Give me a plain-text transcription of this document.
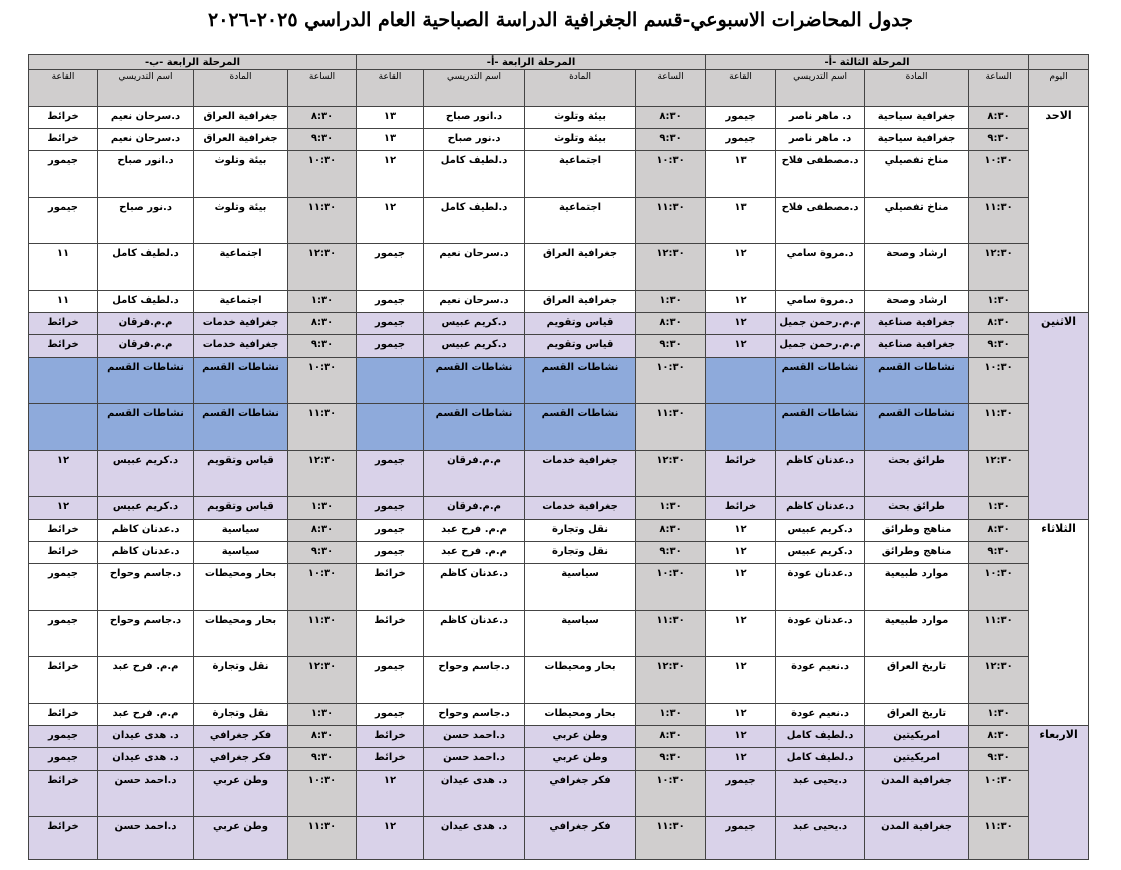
جدول المحاضرات الاسبوعي-قسم الجغرافية الدراسة الصباحية العام الدراسي ٢٠٢٥-٢٠٢٦
	المرحلة الثالثة -أ-				المرحلة الرابعة -أ-				المرحلة الرابعة -ب-			
اليوم	الساعة	المادة	اسم التدريسي	القاعة	الساعة	المادة	اسم التدريسي	القاعة	الساعة	المادة	اسم التدريسي	القاعة
الاحد	٨:٣٠	جغرافية سياحية	د. ماهر ناصر	جيمور	٨:٣٠	بيئة وتلوث	د.انور صباح	١٣	٨:٣٠	جغرافية العراق	د.سرحان نعيم	خرائط
	٩:٣٠	جغرافية سياحية	د. ماهر ناصر	جيمور	٩:٣٠	بيئة وتلوث	د.نور صباح	١٣	٩:٣٠	جغرافية العراق	د.سرحان نعيم	خرائط
	١٠:٣٠	مناخ تفصيلي	د.مصطفى فلاح	١٣	١٠:٣٠	اجتماعية	د.لطيف كامل	١٢	١٠:٣٠	بيئة وتلوث	د.انور صباح	جيمور
	١١:٣٠	مناخ تفصيلي	د.مصطفى فلاح	١٣	١١:٣٠	اجتماعية	د.لطيف كامل	١٢	١١:٣٠	بيئة وتلوث	د.نور صباح	جيمور
	١٢:٣٠	ارشاد وصحة	د.مروة سامي	١٢	١٢:٣٠	جغرافية العراق	د.سرحان نعيم	جيمور	١٢:٣٠	اجتماعية	د.لطيف كامل	١١
	١:٣٠	ارشاد وصحة	د.مروة سامي	١٢	١:٣٠	جغرافية العراق	د.سرحان نعيم	جيمور	١:٣٠	اجتماعية	د.لطيف كامل	١١
الاثنين	٨:٣٠	جغرافية صناعية	م.م.رحمن جميل	١٢	٨:٣٠	قياس وتقويم	د.كريم عبيس	جيمور	٨:٣٠	جغرافية خدمات	م.م.فرقان	خرائط
	٩:٣٠	جغرافية صناعية	م.م.رحمن جميل	١٢	٩:٣٠	قياس وتقويم	د.كريم عبيس	جيمور	٩:٣٠	جغرافية خدمات	م.م.فرقان	خرائط
	١٠:٣٠	نشاطات القسم	نشاطات القسم		١٠:٣٠	نشاطات القسم	نشاطات القسم		١٠:٣٠	نشاطات القسم	نشاطات القسم	
	١١:٣٠	نشاطات القسم	نشاطات القسم		١١:٣٠	نشاطات القسم	نشاطات القسم		١١:٣٠	نشاطات القسم	نشاطات القسم	
	١٢:٣٠	طرائق بحث	د.عدنان كاظم	خرائط	١٢:٣٠	جغرافية خدمات	م.م.فرقان	جيمور	١٢:٣٠	قياس وتقويم	د.كريم عبيس	١٢
	١:٣٠	طرائق بحث	د.عدنان كاظم	خرائط	١:٣٠	جغرافية خدمات	م.م.فرقان	جيمور	١:٣٠	قياس وتقويم	د.كريم عبيس	١٢
الثلاثاء	٨:٣٠	مناهج وطرائق	د.كريم عبيس	١٢	٨:٣٠	نقل وتجارة	م.م. فرح عبد	جيمور	٨:٣٠	سياسية	د.عدنان كاظم	خرائط
	٩:٣٠	مناهج وطرائق	د.كريم عبيس	١٢	٩:٣٠	نقل وتجارة	م.م. فرح عبد	جيمور	٩:٣٠	سياسية	د.عدنان كاظم	خرائط
	١٠:٣٠	موارد طبيعية	د.عدنان عودة	١٢	١٠:٣٠	سياسية	د.عدنان كاظم	خرائط	١٠:٣٠	بحار ومحيطات	د.جاسم وحواح	جيمور
	١١:٣٠	موارد طبيعية	د.عدنان عودة	١٢	١١:٣٠	سياسية	د.عدنان كاظم	خرائط	١١:٣٠	بحار ومحيطات	د.جاسم وحواح	جيمور
	١٢:٣٠	تاريخ العراق	د.نعيم عودة	١٢	١٢:٣٠	بحار ومحيطات	د.جاسم وحواح	جيمور	١٢:٣٠	نقل وتجارة	م.م. فرح عبد	خرائط
	١:٣٠	تاريخ العراق	د.نعيم عودة	١٢	١:٣٠	بحار ومحيطات	د.جاسم وحواح	جيمور	١:٣٠	نقل وتجارة	م.م. فرح عبد	خرائط
الاربعاء	٨:٣٠	امريكيتين	د.لطيف كامل	١٢	٨:٣٠	وطن عربي	د.احمد حسن	خرائط	٨:٣٠	فكر جغرافي	د. هدى عيدان	جيمور
	٩:٣٠	امريكيتين	د.لطيف كامل	١٢	٩:٣٠	وطن عربي	د.احمد حسن	خرائط	٩:٣٠	فكر جغرافي	د. هدى عيدان	جيمور
	١٠:٣٠	جغرافية المدن	د.يحيى عبد	جيمور	١٠:٣٠	فكر جغرافي	د. هدى عيدان	١٢	١٠:٣٠	وطن عربي	د.احمد حسن	خرائط
	١١:٣٠	جغرافية المدن	د.يحيى عبد	جيمور	١١:٣٠	فكر جغرافي	د. هدى عيدان	١٢	١١:٣٠	وطن عربي	د.احمد حسن	خرائط
